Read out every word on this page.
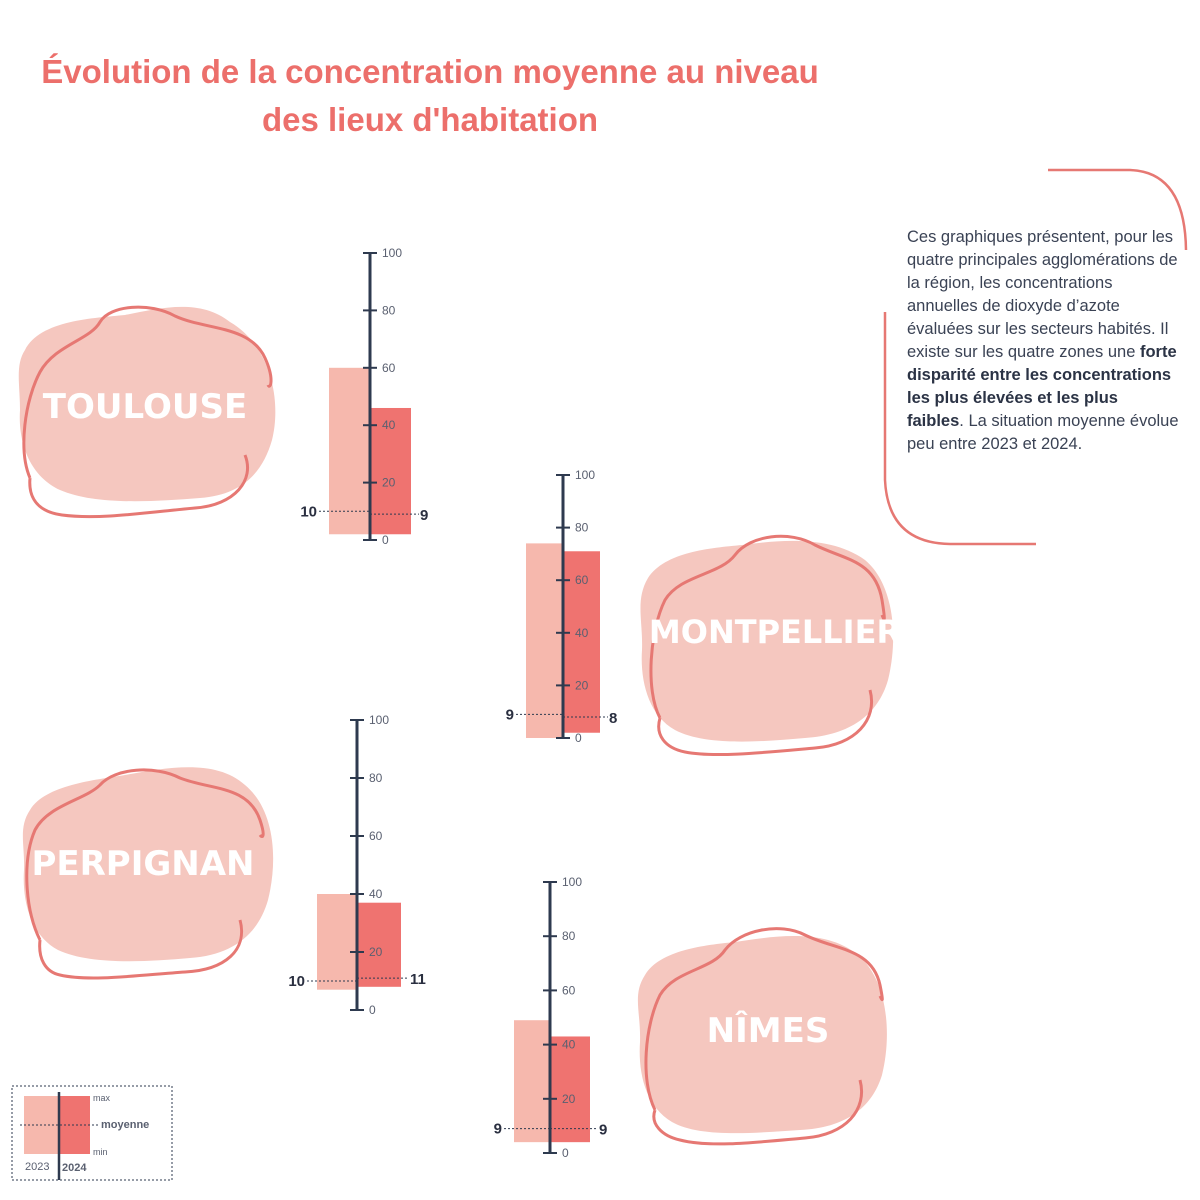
Évolution de la concentration moyenne au niveau des lieux d'habitation

Ces graphiques présentent, pour les quatre principales agglomérations de la région, les concentrations annuelles de dioxyde d’azote évaluées sur les secteurs habités. Il existe sur les quatre zones une forte disparité entre les concentrations les plus élevées et les plus faibles. La situation moyenne évolue peu entre 2023 et 2024.

TOULOUSE
MONTPELLIER
PERPIGNAN
NÎMES
0
20
40
60
80
100
10	9
0
20
40
60
80
100
9	8
0
20
40
60
80
100
10	11
0
20
40
60
80
100
9	9
max
moyenne
min
2023 2024
